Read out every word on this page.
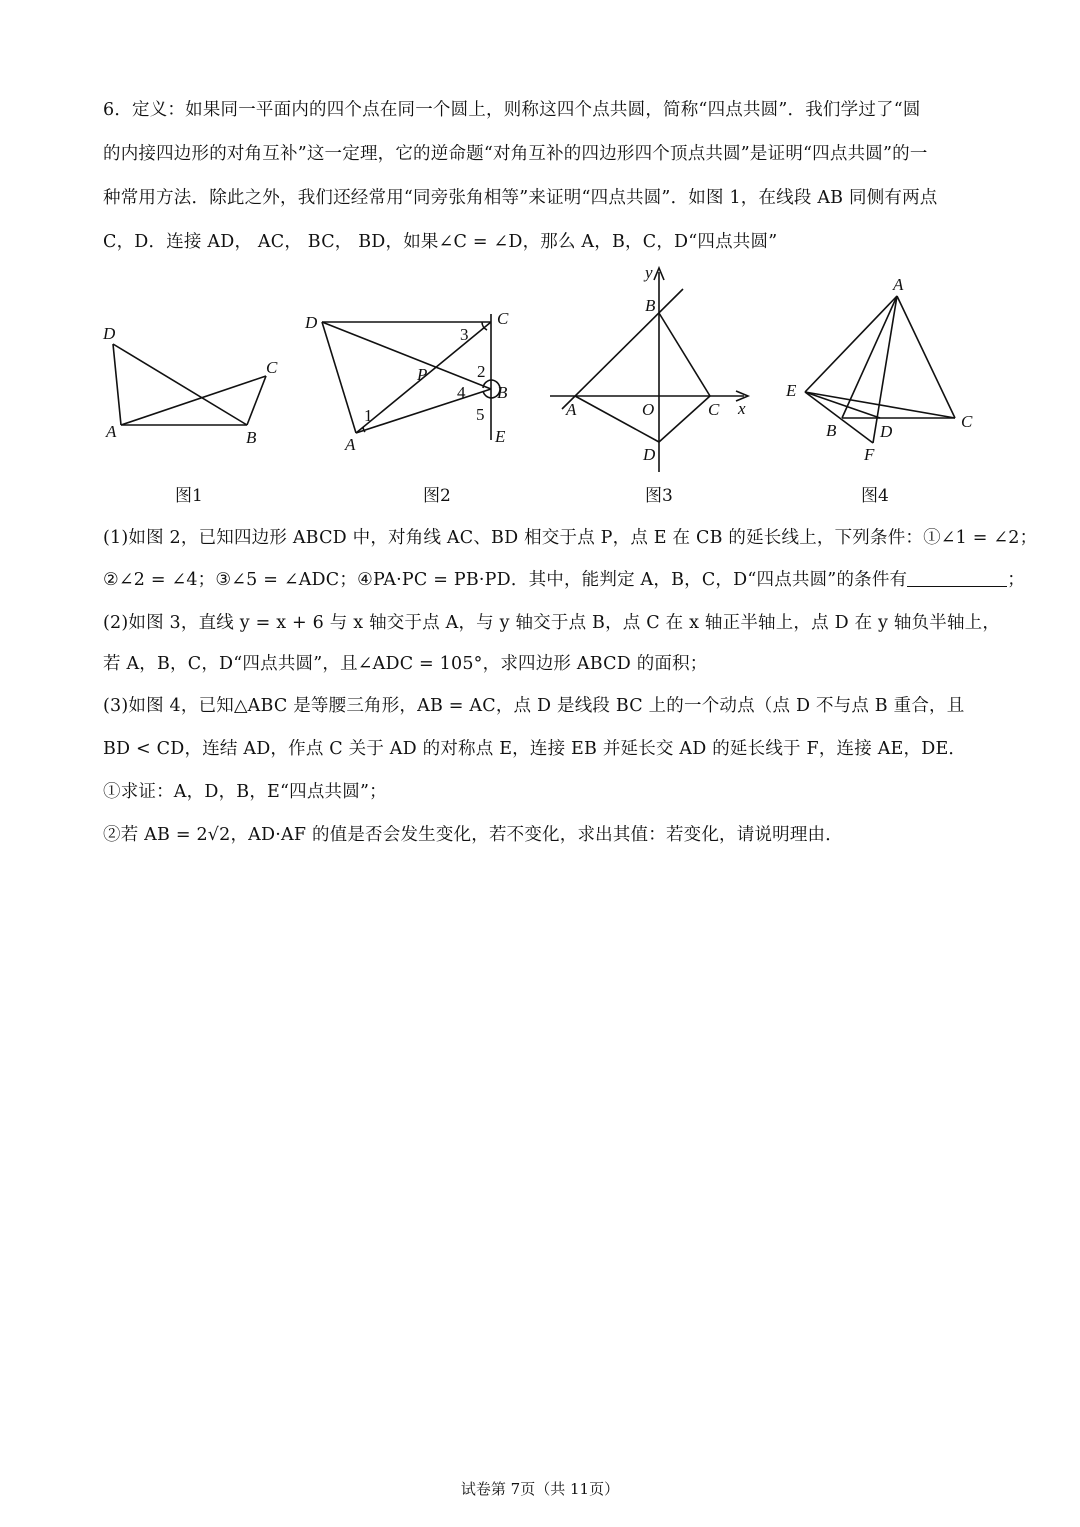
6．定义：如果同一平面内的四个点在同一个圆上，则称这四个点共圆，简称“四点共圆”．我们学过了“圆
的内接四边形的对角互补”这一定理，它的逆命题“对角互补的四边形四个顶点共圆”是证明“四点共圆”的一
种常用方法．除此之外，我们还经常用“同旁张角相等”来证明“四点共圆”．如图 1，在线段 AB 同侧有两点
C，D．连接 AD， AC， BC， BD，如果∠C = ∠D，那么 A，B，C，D“四点共圆”
D
C
A	B
D	C
3
P	2
4 B
5
1
A	E
y
B
A	O	C x
D
A
E
B	D
C
F
图1	图2	图3	图4
(1)如图 2，已知四边形 ABCD 中，对角线 AC、BD 相交于点 P，点 E 在 CB 的延长线上，下列条件：①∠1 = ∠2；
②∠2 = ∠4；③∠5 = ∠ADC；④PA·PC = PB·PD．其中，能判定 A，B，C，D“四点共圆”的条件有	；
(2)如图 3，直线 y = x + 6 与 x 轴交于点 A，与 y 轴交于点 B，点 C 在 x 轴正半轴上，点 D 在 y 轴负半轴上，
若 A，B，C，D“四点共圆”，且∠ADC = 105°，求四边形 ABCD 的面积；
(3)如图 4，已知△ABC 是等腰三角形，AB = AC，点 D 是线段 BC 上的一个动点（点 D 不与点 B 重合，且
BD < CD，连结 AD，作点 C 关于 AD 的对称点 E，连接 EB 并延长交 AD 的延长线于 F，连接 AE，DE．
①求证：A，D，B，E“四点共圆”；
②若 AB = 2√2，AD·AF 的值是否会发生变化，若不变化，求出其值：若变化，请说明理由．
试卷第 7页（共 11页）
